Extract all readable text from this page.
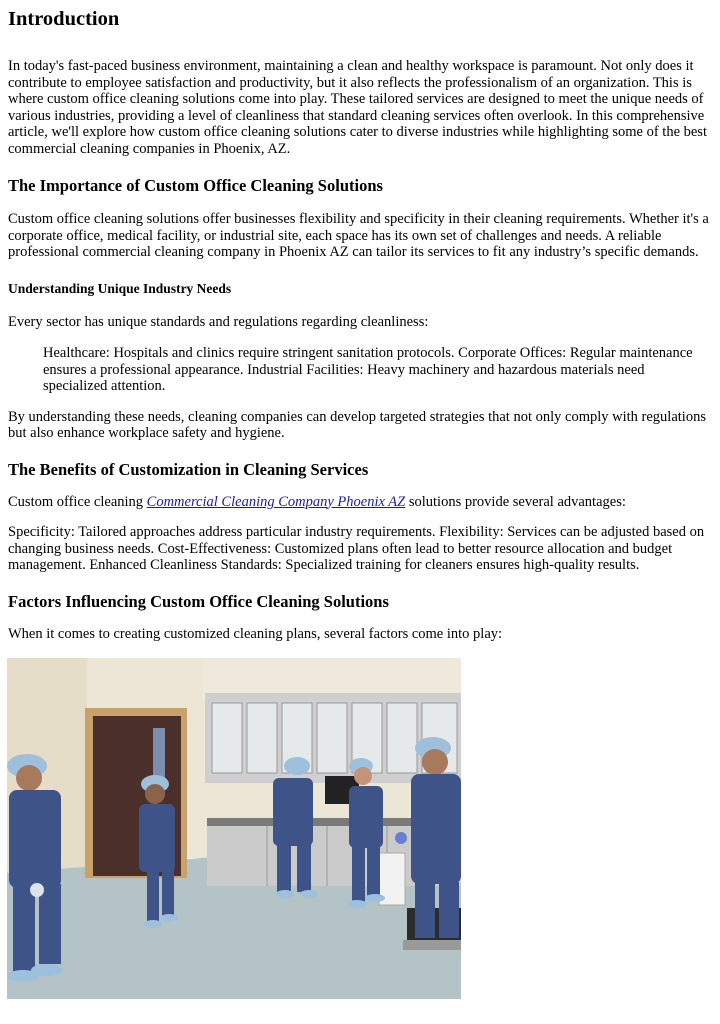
Introduction

In today's fast-paced business environment, maintaining a clean and healthy workspace is paramount. Not only does it contribute to employee satisfaction and productivity, but it also reflects the professionalism of an organization. This is where custom office cleaning solutions come into play. These tailored services are designed to meet the unique needs of various industries, providing a level of cleanliness that standard cleaning services often overlook. In this comprehensive article, we'll explore how custom office cleaning solutions cater to diverse industries while highlighting some of the best commercial cleaning companies in Phoenix, AZ.

The Importance of Custom Office Cleaning Solutions

Custom office cleaning solutions offer businesses flexibility and specificity in their cleaning requirements. Whether it's a corporate office, medical facility, or industrial site, each space has its own set of challenges and needs. A reliable professional commercial cleaning company in Phoenix AZ can tailor its services to fit any industry’s specific demands.

Understanding Unique Industry Needs

Every sector has unique standards and regulations regarding cleanliness:

Healthcare: Hospitals and clinics require stringent sanitation protocols. Corporate Offices: Regular maintenance ensures a professional appearance. Industrial Facilities: Heavy machinery and hazardous materials need specialized attention.

By understanding these needs, cleaning companies can develop targeted strategies that not only comply with regulations but also enhance workplace safety and hygiene.

The Benefits of Customization in Cleaning Services

Custom office cleaning Commercial Cleaning Company Phoenix AZ solutions provide several advantages:

Specificity: Tailored approaches address particular industry requirements. Flexibility: Services can be adjusted based on changing business needs. Cost-Effectiveness: Customized plans often lead to better resource allocation and budget management. Enhanced Cleanliness Standards: Specialized training for cleaners ensures high-quality results.

Factors Influencing Custom Office Cleaning Solutions

When it comes to creating customized cleaning plans, several factors come into play:
